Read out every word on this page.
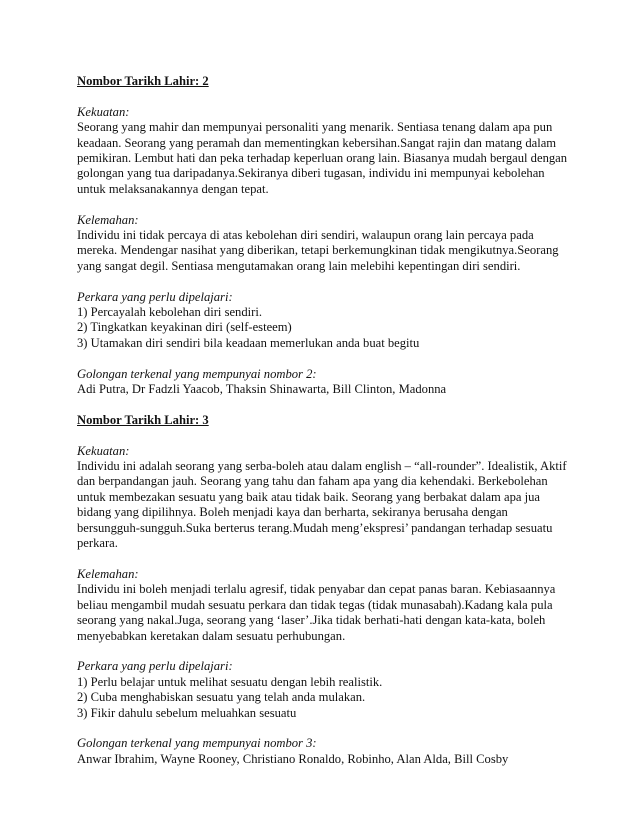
Nombor Tarikh Lahir: 2

Kekuatan:

Seorang yang mahir dan mempunyai personaliti yang menarik. Sentiasa tenang dalam apa pun

keadaan. Seorang yang peramah dan mementingkan kebersihan.Sangat rajin dan matang dalam

pemikiran. Lembut hati dan peka terhadap keperluan orang lain. Biasanya mudah bergaul dengan

golongan yang tua daripadanya.Sekiranya diberi tugasan, individu ini mempunyai kebolehan

untuk melaksanakannya dengan tepat.

Kelemahan:

Individu ini tidak percaya di atas kebolehan diri sendiri, walaupun orang lain percaya pada

mereka. Mendengar nasihat yang diberikan, tetapi berkemungkinan tidak mengikutnya.Seorang

yang sangat degil. Sentiasa mengutamakan orang lain melebihi kepentingan diri sendiri.

Perkara yang perlu dipelajari:

1) Percayalah kebolehan diri sendiri.

2) Tingkatkan keyakinan diri (self-esteem)

3) Utamakan diri sendiri bila keadaan memerlukan anda buat begitu

Golongan terkenal yang mempunyai nombor 2:

Adi Putra, Dr Fadzli Yaacob, Thaksin Shinawarta, Bill Clinton, Madonna

Nombor Tarikh Lahir: 3

Kekuatan:

Individu ini adalah seorang yang serba-boleh atau dalam english – “all-rounder”. Idealistik, Aktif

dan berpandangan jauh. Seorang yang tahu dan faham apa yang dia kehendaki. Berkebolehan

untuk membezakan sesuatu yang baik atau tidak baik. Seorang yang berbakat dalam apa jua

bidang yang dipilihnya. Boleh menjadi kaya dan berharta, sekiranya berusaha dengan

bersungguh-sungguh.Suka berterus terang.Mudah meng’ekspresi’ pandangan terhadap sesuatu

perkara.

Kelemahan:

Individu ini boleh menjadi terlalu agresif, tidak penyabar dan cepat panas baran. Kebiasaannya

beliau mengambil mudah sesuatu perkara dan tidak tegas (tidak munasabah).Kadang kala pula

seorang yang nakal.Juga, seorang yang ‘laser’.Jika tidak berhati-hati dengan kata-kata, boleh

menyebabkan keretakan dalam sesuatu perhubungan.

Perkara yang perlu dipelajari:

1) Perlu belajar untuk melihat sesuatu dengan lebih realistik.

2) Cuba menghabiskan sesuatu yang telah anda mulakan.

3) Fikir dahulu sebelum meluahkan sesuatu

Golongan terkenal yang mempunyai nombor 3:

Anwar Ibrahim, Wayne Rooney, Christiano Ronaldo, Robinho, Alan Alda, Bill Cosby
